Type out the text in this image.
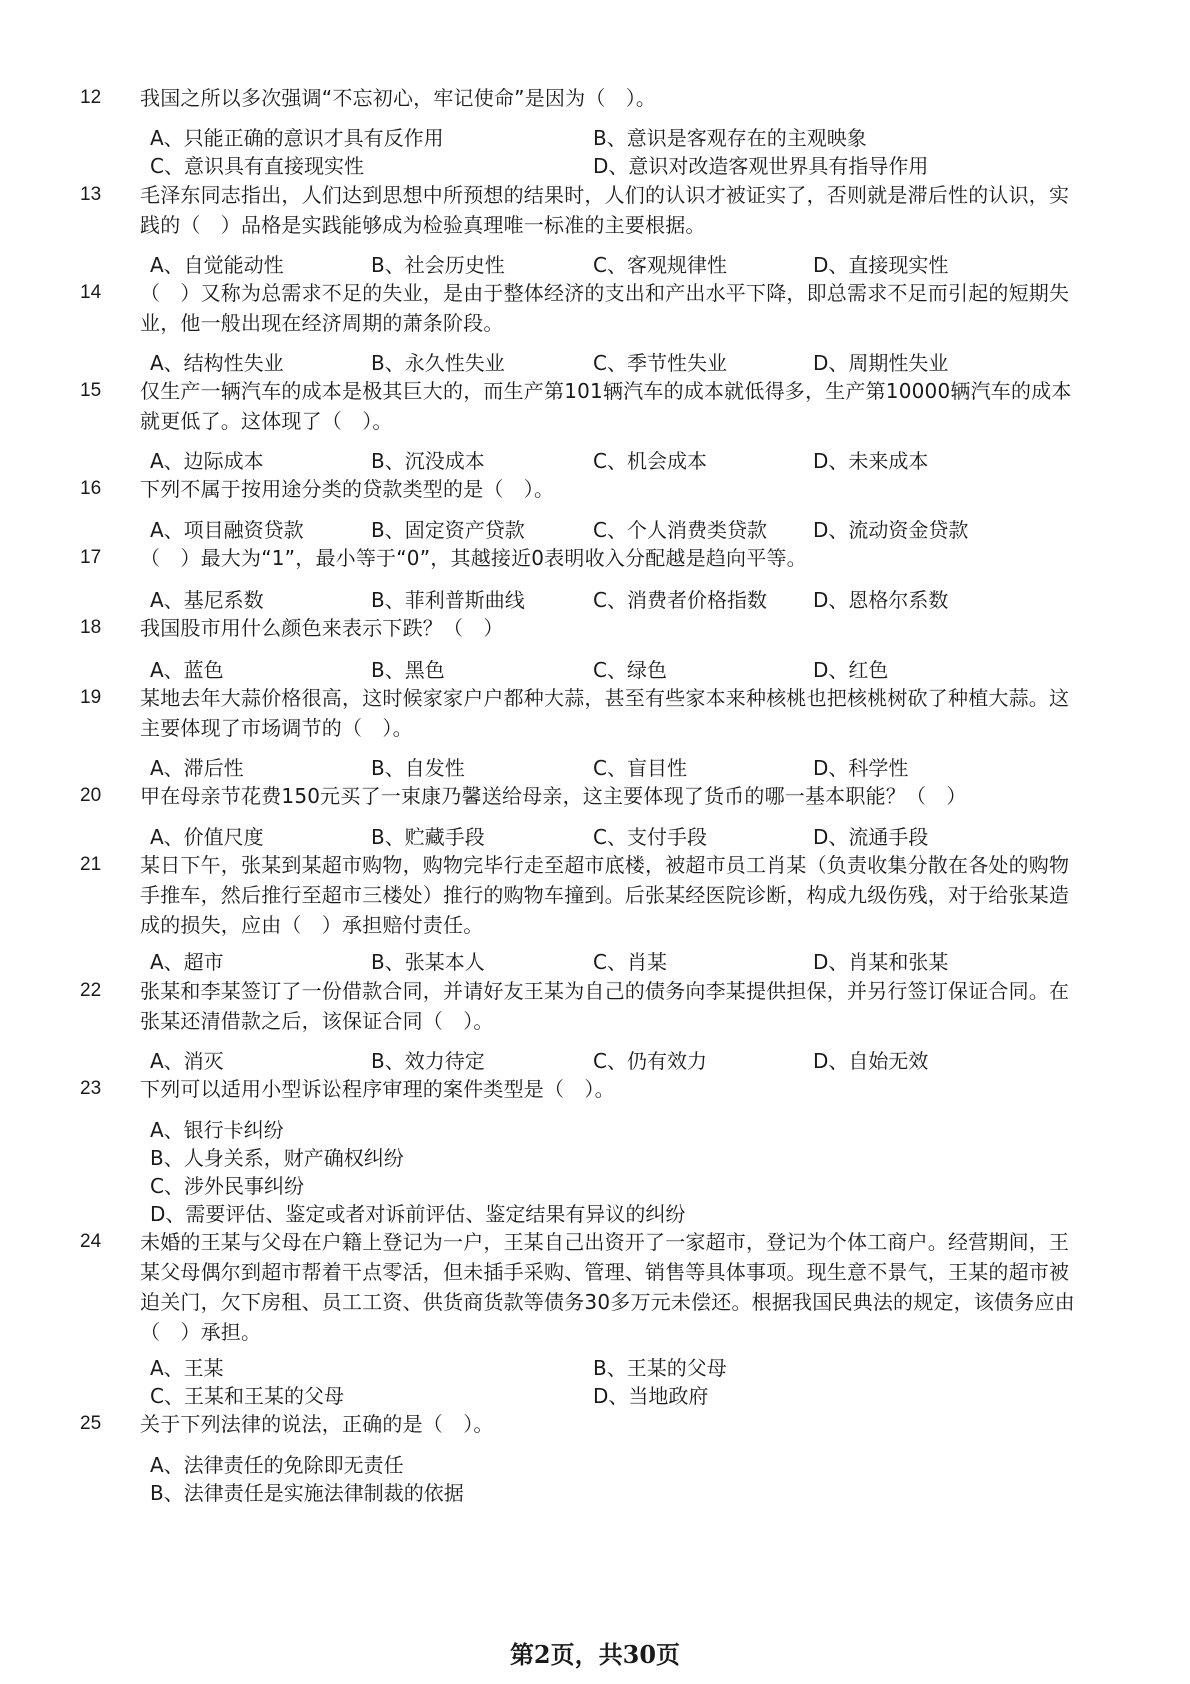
12	我国之所以多次强调“不忘初心，牢记使命”是因为（　）。
A、只能正确的意识才具有反作用	B、意识是客观存在的主观映象
C、意识具有直接现实性	D、意识对改造客观世界具有指导作用
13	毛泽东同志指出，人们达到思想中所预想的结果时，人们的认识才被证实了，否则就是滞后性的认识，实践的（　）品格是实践能够成为检验真理唯一标准的主要根据。
A、自觉能动性	B、社会历史性	C、客观规律性	D、直接现实性
14	（　）又称为总需求不足的失业，是由于整体经济的支出和产出水平下降，即总需求不足而引起的短期失业，他一般出现在经济周期的萧条阶段。
A、结构性失业	B、永久性失业	C、季节性失业	D、周期性失业
15	仅生产一辆汽车的成本是极其巨大的，而生产第101辆汽车的成本就低得多，生产第10000辆汽车的成本就更低了。这体现了（　）。
A、边际成本	B、沉没成本	C、机会成本	D、未来成本
16	下列不属于按用途分类的贷款类型的是（　）。
A、项目融资贷款	B、固定资产贷款	C、个人消费类贷款 D、流动资金贷款
17	（　）最大为“1”，最小等于“0”，其越接近0表明收入分配越是趋向平等。
A、基尼系数	B、菲利普斯曲线	C、消费者价格指数 D、恩格尔系数
18	我国股市用什么颜色来表示下跌？（　）
A、蓝色	B、黑色	C、绿色	D、红色
19	某地去年大蒜价格很高，这时候家家户户都种大蒜，甚至有些家本来种核桃也把核桃树砍了种植大蒜。这主要体现了市场调节的（　）。
A、滞后性	B、自发性	C、盲目性	D、科学性
20	甲在母亲节花费150元买了一束康乃馨送给母亲，这主要体现了货币的哪一基本职能？（　）
A、价值尺度	B、贮藏手段	C、支付手段	D、流通手段
21	某日下午，张某到某超市购物，购物完毕行走至超市底楼，被超市员工肖某（负责收集分散在各处的购物手推车，然后推行至超市三楼处）推行的购物车撞到。后张某经医院诊断，构成九级伤残，对于给张某造成的损失，应由（　）承担赔付责任。
A、超市	B、张某本人	C、肖某	D、肖某和张某
22	张某和李某签订了一份借款合同，并请好友王某为自己的债务向李某提供担保，并另行签订保证合同。在张某还清借款之后，该保证合同（　）。
A、消灭	B、效力待定	C、仍有效力	D、自始无效
23	下列可以适用小型诉讼程序审理的案件类型是（　）。
A、银行卡纠纷
B、人身关系，财产确权纠纷
C、涉外民事纠纷
D、需要评估、鉴定或者对诉前评估、鉴定结果有异议的纠纷
24	未婚的王某与父母在户籍上登记为一户，王某自己出资开了一家超市，登记为个体工商户。经营期间，王某父母偶尔到超市帮着干点零活，但未插手采购、管理、销售等具体事项。现生意不景气，王某的超市被迫关门，欠下房租、员工工资、供货商货款等债务30多万元未偿还。根据我国民典法的规定，该债务应由（　）承担。
A、王某	B、王某的父母
C、王某和王某的父母	D、当地政府
25	关于下列法律的说法，正确的是（　）。
A、法律责任的免除即无责任
B、法律责任是实施法律制裁的依据
第2页，共30页
